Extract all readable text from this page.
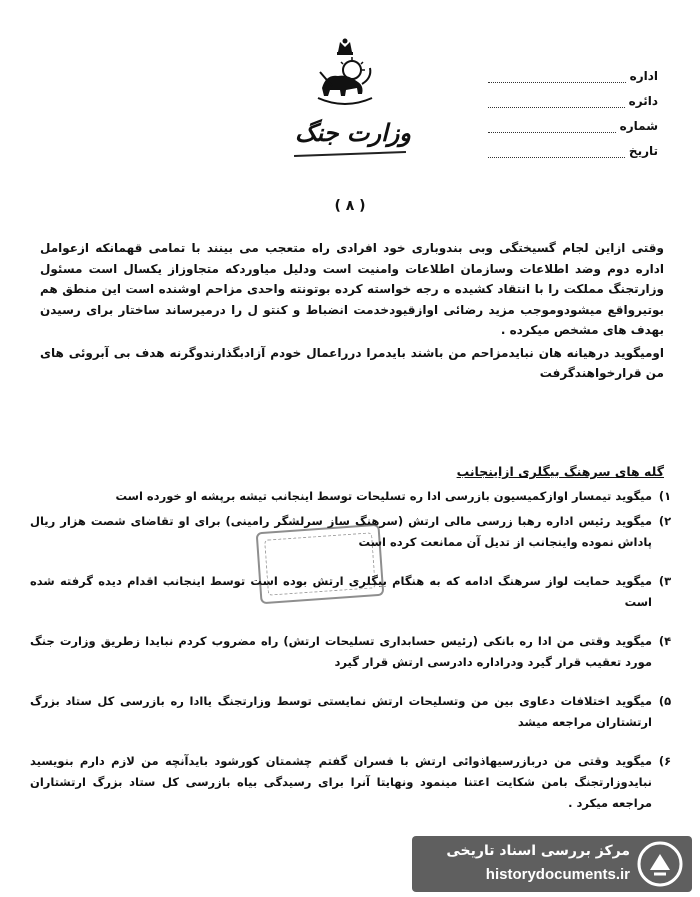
وزارت جنگ
اداره
دائره
شماره
تاریخ
( ۸ )

وقتی ازاین لجام گسیختگی وبی بندوباری خود افرادی راه متعجب می بینند با تمامی قهمانکه ازعوامل اداره دوم وضد اطلاعات وسازمان اطلاعات وامنیت است ودلیل میاوردکه متجاوزاز یکسال است مسئول وزارتجنگ مملکت را با انتقاد کشیده ه رجه خواسته کرده بوتونته واحدی مزاحم اوشنده است این منطق هم بوتیرواقع میشودوموجب مزید رضائی اوازقیودخدمت انضباط و کنتو ل را درمیرساند ساختار برای رسیدن بهدف های مشخص میکرده .

اومیگوید درهیانه هان نبایدمزاحم من باشند بایدمرا درراعمال خودم آزادبگذارندوگرنه هدف بی آبروئی های من قرارخواهندگرفت

گله های سرهنگ بیگلری ازاینجانب
۱)
میگوید تیمسار اوازکمیسیون بازرسی ادا ره تسلیحات توسط اینجانب تیشه برپشه او خورده است
۲)
میگوید رئیس اداره رهبا زرسی مالی ارتش (سرهنگ ساز سرلشگر رامینی) برای او تقاضای شصت هزار ریال پاداش نموده واینجانب از تدیل آن ممانعت کرده است
۳)
میگوید حمایت لواز سرهنگ ادامه که به هنگام بیگلری ارتش بوده است توسط اینجانب اقدام دیده گرفته شده است
۴)
میگوید وقتی من ادا ره بانکی (رئیس حسابداری تسلیحات ارتش) راه مضروب کردم نبایدا زطریق وزارت جنگ مورد تعقیب قرار گیرد ودراداره دادرسی ارتش قرار گیرد
۵)
میگوید اختلافات دعاوی بین من وتسلیحات ارتش نمایستی توسط وزارتجنگ یاادا ره بازرسی کل ستاد بزرگ ارتشتاران مراجعه میشد
۶)
میگوید وقتی من دربازرسیهاذوائی ارتش با فسران گفتم چشمتان کورشود بایدآنچه من لازم دارم بنویسید نبایدوزارتجنگ بامن شکایت اعتنا مینمود ونهایتا آنرا برای رسیدگی بیاه بازرسی کل ستاد بزرگ ارتشتاران مراجعه میکرد .
مرکز بررسی اسناد تاریخی
historydocuments.ir
